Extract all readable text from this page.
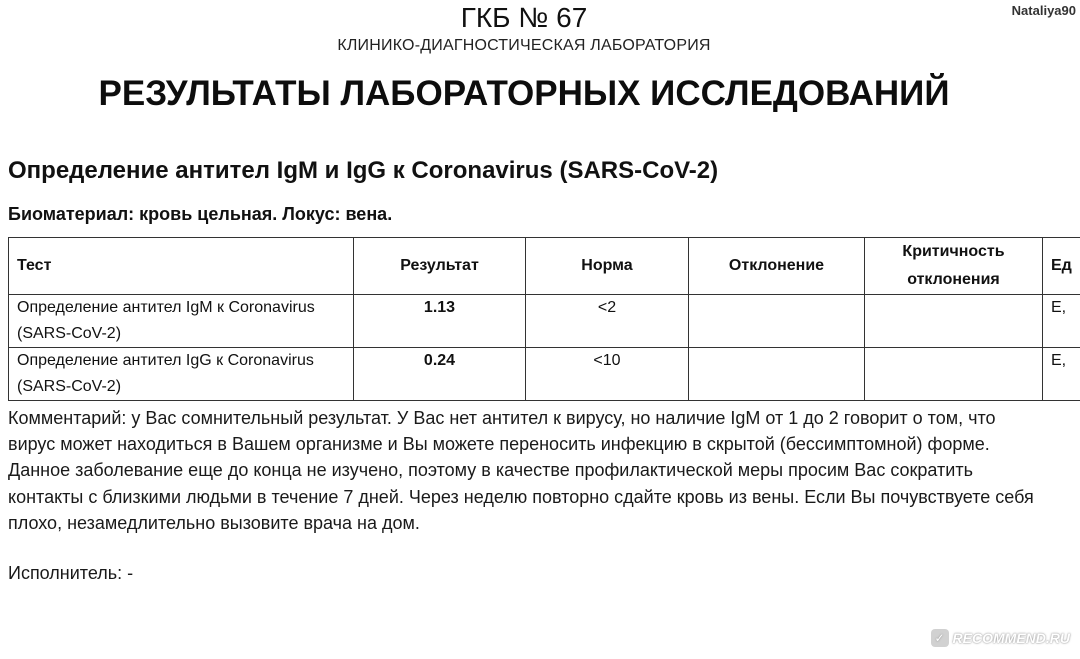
Nataliya90
ГКБ № 67
КЛИНИКО-ДИАГНОСТИЧЕСКАЯ ЛАБОРАТОРИЯ
РЕЗУЛЬТАТЫ ЛАБОРАТОРНЫХ ИССЛЕДОВАНИЙ
Определение антител IgM и IgG к Coronavirus (SARS-CoV-2)
Биоматериал: кровь цельная. Локус: вена.
Тест	Результат	Норма	Отклонение	Критичность отклонения	Ед
Определение антител IgM к Coronavirus (SARS-CoV-2)	1.13	<2			Е,
Определение антител IgG к Coronavirus (SARS-CoV-2)	0.24	<10			Е,
Комментарий: у Вас сомнительный результат. У Вас нет антител к вирусу, но наличие IgM от 1 до 2 говорит о том, что вирус может находиться в Вашем организме и Вы можете переносить инфекцию в скрытой (бессимптомной) форме. Данное заболевание еще до конца не изучено, поэтому в качестве профилактической меры просим Вас сократить контакты с близкими людьми в течение 7 дней. Через неделю повторно сдайте кровь из вены. Если Вы почувствуете себя плохо, незамедлительно вызовите врача на дом.
Исполнитель: -
✓ RECOMMEND.RU
